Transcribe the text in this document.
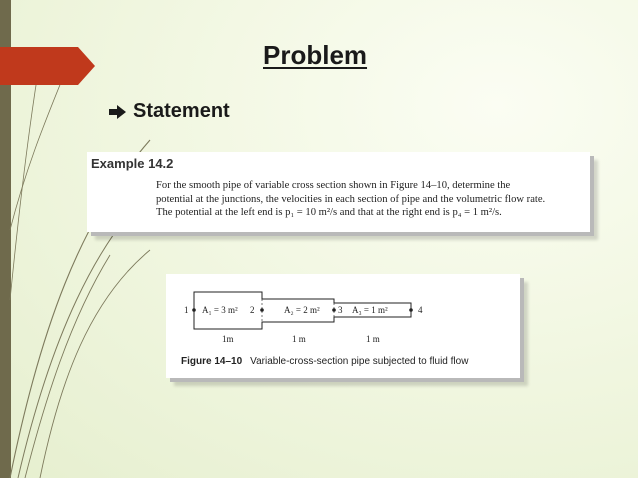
Problem
Statement
Example 14.2
For the smooth pipe of variable cross section shown in Figure 14–10, determine the
potential at the junctions, the velocities in each section of pipe and the volumetric flow rate.
The potential at the left end is p₁ = 10 m²/s and that at the right end is p₄ = 1 m²/s.
1	2	3	4
A₁ = 3 m²	A₂ = 2 m²	A₃ = 1 m²
1m	1 m	1 m
Figure 14–10 Variable-cross-section pipe subjected to fluid flow
